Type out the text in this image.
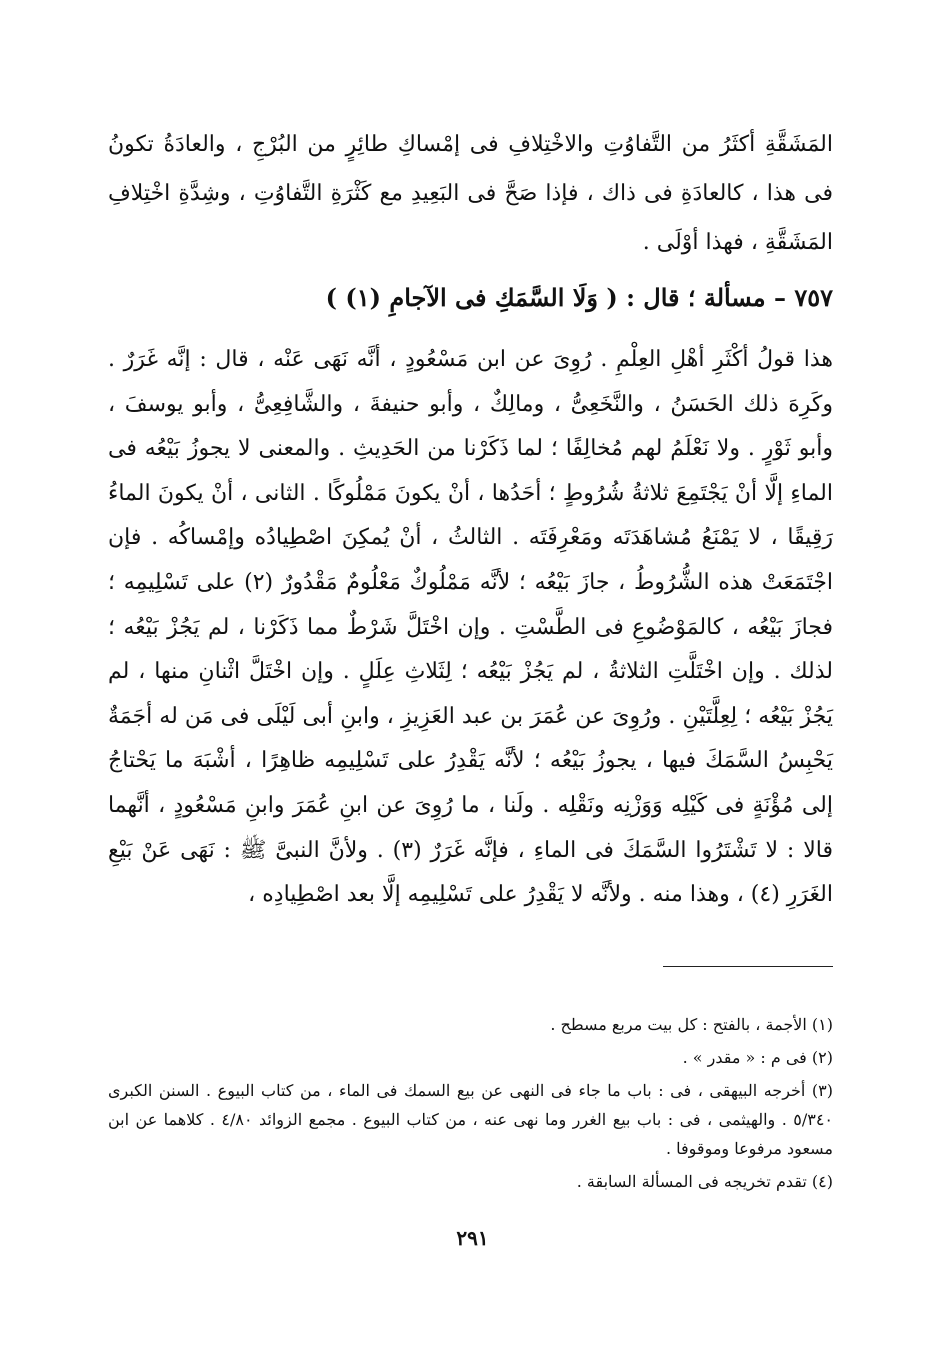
المَشَقَّةِ أكثَرُ من التَّفاوُتِ والاخْتِلافِ فى إمْساكِ طائِرٍ من البُرْجِ ، والعادَةُ تكونُ فى هذا ، كالعادَةِ فى ذاك ، فإذا صَحَّ فى البَعِيدِ مع كَثْرَةِ التَّفاوُتِ ، وشِدَّةِ اخْتِلافِ المَشَقَّةِ ، فهذا أوْلَى .

٧٥٧ – مسألة ؛ قال : ( وَلَا السَّمَكِ فى الآجامِ (١) )

هذا قولُ أكْثَرِ أهْلِ العِلْمِ . رُوِىَ عن ابن مَسْعُودٍ ، أنَّه نَهَى عَنْه ، قال : إنَّه غَرَرٌ . وكَرِهَ ذلك الحَسَنُ ، والنَّخَعِىُّ ، ومالِكٌ ، وأبو حنيفةَ ، والشَّافِعِىُّ ، وأبو يوسفَ ، وأبو ثَوْرٍ . ولا نَعْلَمُ لهم مُخالِفًا ؛ لما ذَكَرْنا من الحَدِيثِ . والمعنى لا يجوزُ بَيْعُه فى الماءِ إلَّا أنْ يَجْتَمِعَ ثلاثةُ شُرُوطٍ ؛ أحَدُها ، أنْ يكونَ مَمْلُوكًا . الثانى ، أنْ يكونَ الماءُ رَقِيقًا ، لا يَمْنَعُ مُشاهَدَتَه ومَعْرِفَتَه . الثالثُ ، أنْ يُمكِنَ اصْطِيادُه وإمْساكُه . فإن اجْتَمَعَتْ هذه الشُّرُوطُ ، جازَ بَيْعُه ؛ لأنَّه مَمْلُوكٌ مَعْلُومٌ مَقْدُورٌ (٢) على تَسْلِيمِه ؛ فجازَ بَيْعُه ، كالمَوْضُوعِ فى الطَّسْتِ . وإن اخْتَلَّ شَرْطٌ مما ذَكَرْنا ، لم يَجُزْ بَيْعُه ؛ لذلك . وإن اخْتَلَّتِ الثلاثةُ ، لم يَجُزْ بَيْعُه ؛ لِثَلاثِ عِلَلٍ . وإن اخْتَلَّ اثْنانِ منها ، لم يَجُزْ بَيْعُه ؛ لِعِلَّتَيْنِ . ورُوِىَ عن عُمَرَ بن عبد العَزِيزِ ، وابنِ أبى لَيْلَى فى مَن له أجَمَةٌ يَحْبِسُ السَّمَكَ فيها ، يجوزُ بَيْعُه ؛ لأنَّه يَقْدِرُ على تَسْلِيمِه ظاهِرًا ، أشْبَهَ ما يَحْتاجُ إلى مُؤْنَةٍ فى كَيْلِه وَوَزْنِه ونَقْلِه . ولَنا ، ما رُوِىَ عن ابنِ عُمَرَ وابنِ مَسْعُودٍ ، أنَّهما قالا : لا تَشْتَرُوا السَّمَكَ فى الماءِ ، فإنَّه غَرَرٌ (٣) . ولأنَّ النبىَّ ﷺ : نَهَى عَنْ بَيْعِ الغَرَرِ (٤) ، وهذا منه . ولأنَّه لا يَقْدِرُ على تَسْلِيمِه إلَّا بعد اصْطِيادِه ،

(١) الأجمة ، بالفتح : كل بيت مربع مسطح .
(٢) فى م : « مقدر » .
(٣) أخرجه البيهقى ، فى : باب ما جاء فى النهى عن بيع السمك فى الماء ، من كتاب البيوع . السنن الكبرى ٥/٣٤٠ . والهيثمى ، فى : باب بيع الغرر وما نهى عنه ، من كتاب البيوع . مجمع الزوائد ٤/٨٠ . كلاهما عن ابن مسعود مرفوعا وموقوفا .
(٤) تقدم تخريجه فى المسألة السابقة .
٢٩١
